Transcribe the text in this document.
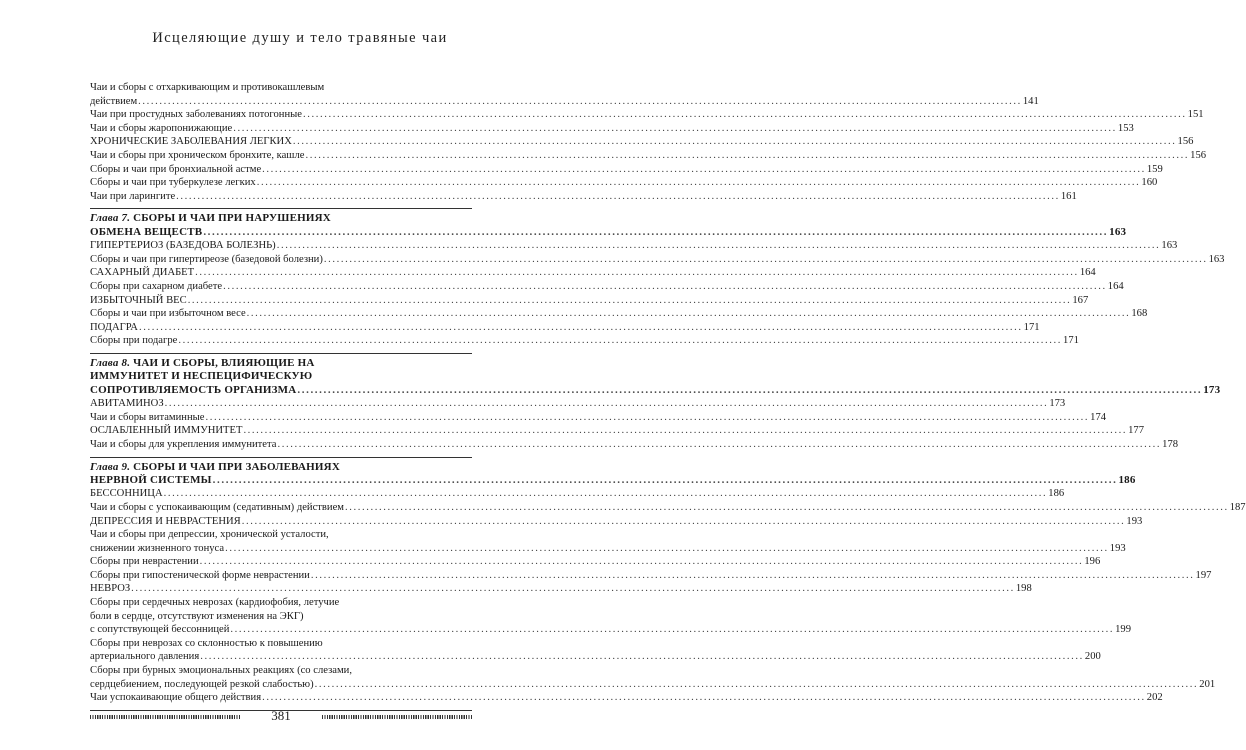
Исцеляющие душу и тело травяные чаи
Чаи и сборы с отхаркивающим и противокашлевым
действием .....	141
Чаи при простудных заболеваниях потогонные .....	151
Чаи и сборы жаропонижающие .....	153
ХРОНИЧЕСКИЕ ЗАБОЛЕВАНИЯ ЛЕГКИХ .....	156
Чаи и сборы при хроническом бронхите, кашле .....	156
Сборы и чаи при бронхиальной астме .....	159
Сборы и чаи при туберкулезе легких .....	160
Чаи при ларингите .....	161
Глава 7. СБОРЫ И ЧАИ ПРИ НАРУШЕНИЯХ
ОБМЕНА ВЕЩЕСТВ .....	163
ГИПЕРТЕРИОЗ (БАЗЕДОВА БОЛЕЗНЬ) .....	163
Сборы и чаи при гипертиреозе (базедовой болезни) .....	163
САХАРНЫЙ ДИАБЕТ .....	164
Сборы при сахарном диабете .....	164
ИЗБЫТОЧНЫЙ ВЕС .....	167
Сборы и чаи при избыточном весе .....	168
ПОДАГРА .....	171
Сборы при подагре .....	171
Глава 8. ЧАИ И СБОРЫ, ВЛИЯЮЩИЕ НА
ИММУНИТЕТ И НЕСПЕЦИФИЧЕСКУЮ
СОПРОТИВЛЯЕМОСТЬ ОРГАНИЗМА .....	173
АВИТАМИНОЗ .....	173
Чаи и сборы витаминные .....	174
ОСЛАБЛЕННЫЙ ИММУНИТЕТ .....	177
Чаи и сборы для укрепления иммунитета .....	178
Глава 9. СБОРЫ И ЧАИ ПРИ ЗАБОЛЕВАНИЯХ
НЕРВНОЙ СИСТЕМЫ .....	186
БЕССОННИЦА .....	186
Чаи и сборы с успокаивающим (седативным) действием .....	187
ДЕПРЕССИЯ И НЕВРАСТЕНИЯ .....	193
Чаи и сборы при депрессии, хронической усталости,
снижении жизненного тонуса .....	193
Сборы при неврастении .....	196
Сборы при гипостенической форме неврастении .....	197
НЕВРОЗ .....	198
Сборы при сердечных неврозах (кардиофобия, летучие
боли в сердце, отсутствуют изменения на ЭКГ)
с сопутствующей бессонницей .....	199
Сборы при неврозах со склонностью к повышению
артериального давления .....	200
Сборы при бурных эмоциональных реакциях (со слезами,
сердцебиением, последующей резкой слабостью) .....	201
Чаи успокаивающие общего действия .....	202
381
